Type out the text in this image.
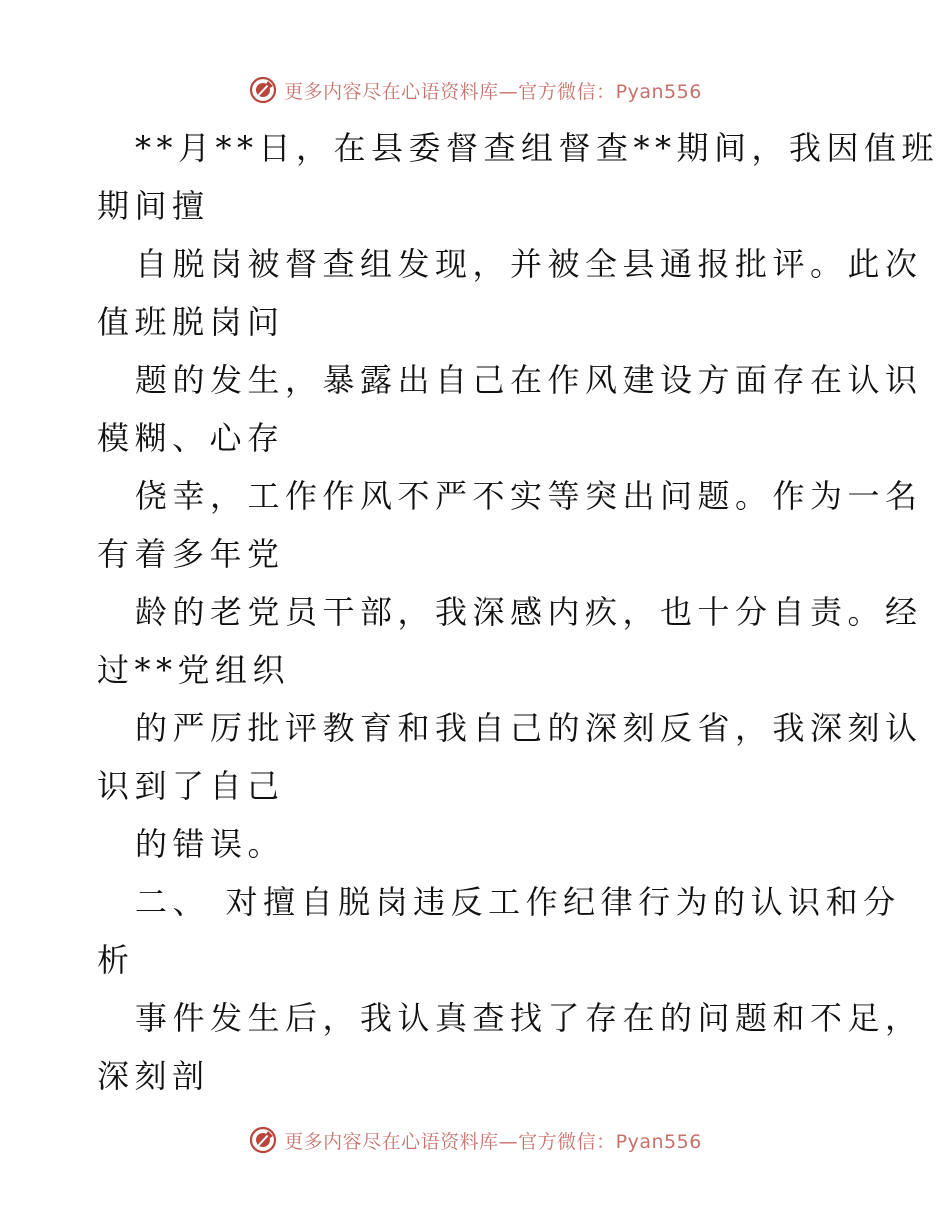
更多内容尽在心语资料库—官方微信：Pyan556
**月**日，在县委督查组督查**期间，我因值班
期间擅
自脱岗被督查组发现，并被全县通报批评。此次
值班脱岗问
题的发生，暴露出自己在作风建设方面存在认识
模糊、心存
侥幸，工作作风不严不实等突出问题。作为一名
有着多年党
龄的老党员干部，我深感内疚，也十分自责。经
过**党组织
的严厉批评教育和我自己的深刻反省，我深刻认
识到了自己
的错误。
二、 对擅自脱岗违反工作纪律行为的认识和分
析
事件发生后，我认真查找了存在的问题和不足，
深刻剖
更多内容尽在心语资料库—官方微信：Pyan556
